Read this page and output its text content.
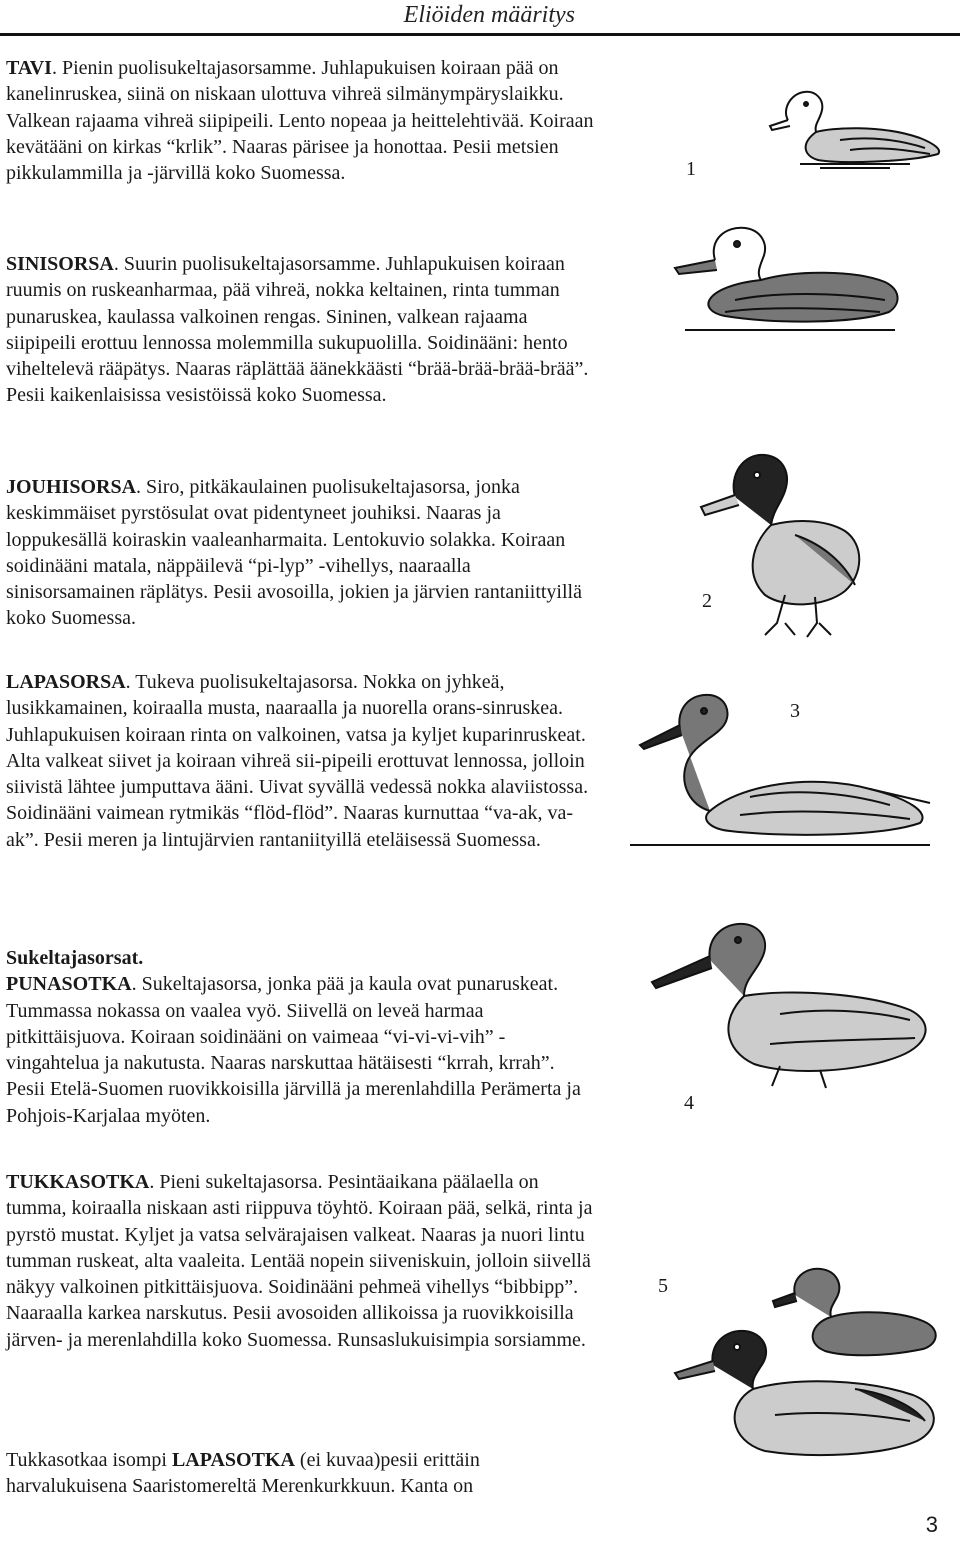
Eliöiden määritys

TAVI. Pienin puolisukeltajasorsamme. Juhlapukuisen koiraan pää on kanelinruskea, siinä on niskaan ulottuva vihreä silmänympäryslaikku. Valkean rajaama vihreä siipipeili. Lento nopeaa ja heittelehtivää. Koiraan kevätääni on kirkas “krlik”. Naaras pärisee ja honottaa. Pesii metsien pikkulammilla ja -järvillä koko Suomessa.

SINISORSA. Suurin puolisukeltajasorsamme. Juhlapukuisen koiraan ruumis on ruskeanharmaa, pää vihreä, nokka keltainen, rinta tumman punaruskea, kaulassa valkoinen rengas. Sininen, valkean rajaama siipipeili erottuu lennossa molemmilla sukupuolilla. Soidinääni: hento viheltelevä rääpätys. Naaras räplättää äänekkäästi “brää-brää-brää-brää”. Pesii kaikenlaisissa vesistöissä koko Suomessa.

JOUHISORSA. Siro, pitkäkaulainen puolisukeltajasorsa, jonka keskimmäiset pyrstösulat ovat pidentyneet jouhiksi. Naaras ja loppukesällä koiraskin vaaleanharmaita. Lentokuvio solakka. Koiraan soidinääni matala, näppäilevä “pi-lyp” -vihellys, naaraalla sinisorsamainen räplätys. Pesii avosoilla, jokien ja järvien rantaniittyillä koko Suomessa.

LAPASORSA. Tukeva puolisukeltajasorsa. Nokka on jyhkeä, lusikkamainen, koiraalla musta, naaraalla ja nuorella orans-sinruskea. Juhlapukuisen koiraan rinta on valkoinen, vatsa ja kyljet kuparinruskeat. Alta valkeat siivet ja koiraan vihreä sii-pipeili erottuvat lennossa, jolloin siivistä lähtee jumputtava ääni. Uivat syvällä vedessä nokka alaviistossa. Soidinääni vaimean rytmikäs “flöd-flöd”. Naaras kurnuttaa “va-ak, va-ak”. Pesii meren ja lintujärvien rantaniityillä eteläisessä Suomessa.

Sukeltajasorsat.
PUNASOTKA. Sukeltajasorsa, jonka pää ja kaula ovat punaruskeat. Tummassa nokassa on vaalea vyö. Siivellä on leveä harmaa pitkittäisjuova. Koiraan soidinääni on vaimeaa “vi-vi-vi-vih” -vingahtelua ja nakutusta. Naaras narskuttaa hätäisesti “krrah, krrah”. Pesii Etelä-Suomen ruovikkoisilla järvillä ja merenlahdilla Perämerta ja Pohjois-Karjalaa myöten.

TUKKASOTKA. Pieni sukeltajasorsa. Pesintäaikana päälaella on tumma, koiraalla niskaan asti riippuva töyhtö. Koiraan pää, selkä, rinta ja pyrstö mustat. Kyljet ja vatsa selvärajaisen valkeat. Naaras ja nuori lintu tumman ruskeat, alta vaaleita. Lentää nopein siiveniskuin, jolloin siivellä näkyy valkoinen pitkittäisjuova. Soidinääni pehmeä vihellys “bibbipp”. Naaraalla karkea narskutus. Pesii avosoiden allikoissa ja ruovikkoisilla järven- ja merenlahdilla koko Suomessa. Runsaslukuisimpia sorsiamme.

Tukkasotkaa isompi LAPASOTKA (ei kuvaa)pesii erittäin harvalukuisena Saaristomereltä Merenkurkkuun. Kanta on

1
2
3
4
5
3
